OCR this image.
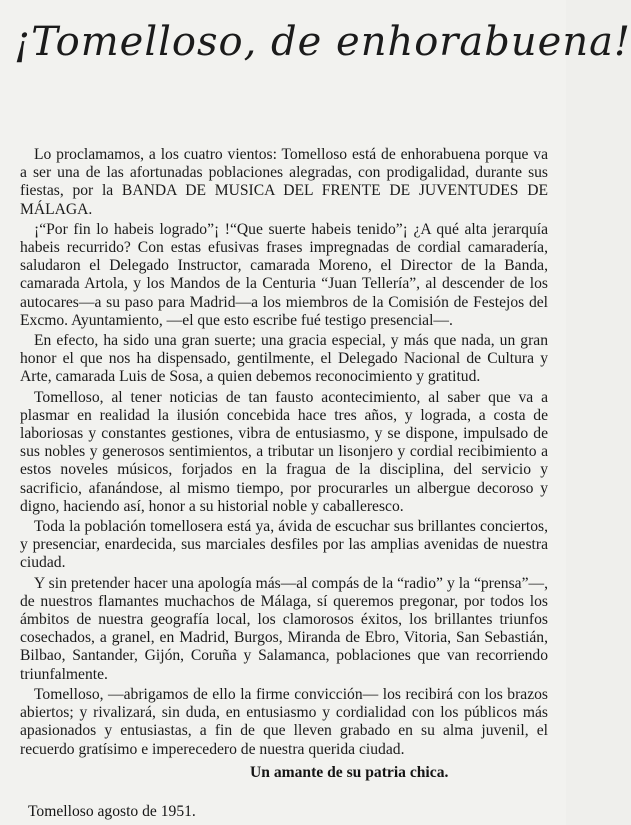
¡Tomelloso, de enhorabuena!

Lo proclamamos, a los cuatro vientos: Tomelloso está de enhorabuena porque va a ser una de las afortunadas poblaciones alegradas, con prodigalidad, durante sus fiestas, por la BANDA DE MUSICA DEL FRENTE DE JUVENTUDES DE MÁLAGA.

¡“Por fin lo habeis logrado”¡ !“Que suerte habeis tenido”¡ ¿A qué alta jerarquía habeis recurrido? Con estas efusivas frases impregnadas de cordial camaradería, saludaron el Delegado Instructor, camarada Moreno, el Director de la Banda, camarada Artola, y los Mandos de la Centuria “Juan Tellería”, al descender de los autocares—a su paso para Madrid—a los miembros de la Comisión de Festejos del Excmo. Ayuntamiento, —el que esto escribe fué testigo presencial—.

En efecto, ha sido una gran suerte; una gracia especial, y más que nada, un gran honor el que nos ha dispensado, gentilmente, el Delegado Nacional de Cultura y Arte, camarada Luis de Sosa, a quien debemos reconocimiento y gratitud.

Tomelloso, al tener noticias de tan fausto acontecimiento, al saber que va a plasmar en realidad la ilusión concebida hace tres años, y lograda, a costa de laboriosas y constantes gestiones, vibra de entusiasmo, y se dispone, impulsado de sus nobles y generosos sentimientos, a tributar un lisonjero y cordial recibimiento a estos noveles músicos, forjados en la fragua de la disciplina, del servicio y sacrificio, afanándose, al mismo tiempo, por procurarles un albergue decoroso y digno, haciendo así, honor a su historial noble y caballeresco.

Toda la población tomellosera está ya, ávida de escuchar sus brillantes conciertos, y presenciar, enardecida, sus marciales desfiles por las amplias avenidas de nuestra ciudad.

Y sin pretender hacer una apología más—al compás de la “radio” y la “prensa”—, de nuestros flamantes muchachos de Málaga, sí queremos pregonar, por todos los ámbitos de nuestra geografía local, los clamorosos éxitos, los brillantes triunfos cosechados, a granel, en Madrid, Burgos, Miranda de Ebro, Vitoria, San Sebastián, Bilbao, Santander, Gijón, Coruña y Salamanca, poblaciones que van recorriendo triunfalmente.

Tomelloso, —abrigamos de ello la firme convicción— los recibirá con los brazos abiertos; y rivalizará, sin duda, en entusiasmo y cordialidad con los públicos más apasionados y entusiastas, a fin de que lleven grabado en su alma juvenil, el recuerdo gratísimo e imperecedero de nuestra querida ciudad.

Un amante de su patria chica.
Tomelloso agosto de 1951.
